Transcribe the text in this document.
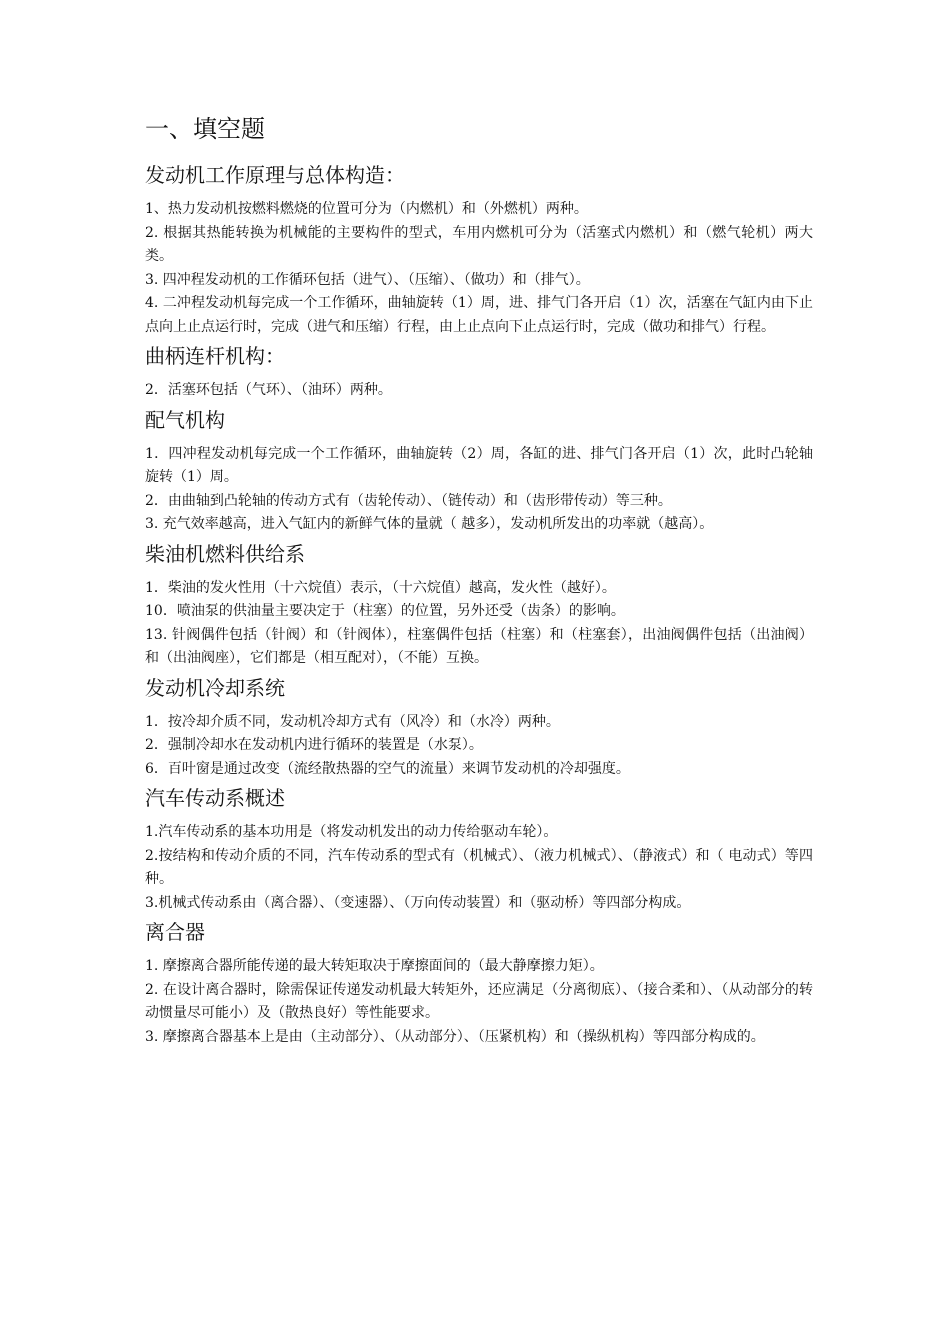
一、填空题
发动机工作原理与总体构造：

1、热力发动机按燃料燃烧的位置可分为（内燃机）和（外燃机）两种。

2. 根据其热能转换为机械能的主要构件的型式，车用内燃机可分为（活塞式内燃机）和（燃气轮机）两大类。

3. 四冲程发动机的工作循环包括（进气）、（压缩）、（做功）和（排气）。

4. 二冲程发动机每完成一个工作循环，曲轴旋转（1）周，进、排气门各开启（1）次，活塞在气缸内由下止点向上止点运行时，完成（进气和压缩）行程，由上止点向下止点运行时，完成（做功和排气）行程。

曲柄连杆机构：

2．活塞环包括（气环）、（油环）两种。

配气机构

1．四冲程发动机每完成一个工作循环，曲轴旋转（2）周，各缸的进、排气门各开启（1）次，此时凸轮轴旋转（1）周。

2．由曲轴到凸轮轴的传动方式有（齿轮传动）、（链传动）和（齿形带传动）等三种。

3. 充气效率越高，进入气缸内的新鲜气体的量就（ 越多），发动机所发出的功率就（越高）。

柴油机燃料供给系

1．柴油的发火性用（十六烷值）表示，（十六烷值）越高，发火性（越好）。

10．喷油泵的供油量主要决定于（柱塞）的位置，另外还受（齿条）的影响。

13. 针阀偶件包括（针阀）和（针阀体），柱塞偶件包括（柱塞）和（柱塞套），出油阀偶件包括（出油阀）和（出油阀座），它们都是（相互配对），（不能）互换。

发动机冷却系统

1．按冷却介质不同，发动机冷却方式有（风冷）和（水冷）两种。

2．强制冷却水在发动机内进行循环的装置是（水泵）。

6．百叶窗是通过改变（流经散热器的空气的流量）来调节发动机的冷却强度。

汽车传动系概述

1.汽车传动系的基本功用是（将发动机发出的动力传给驱动车轮）。

2.按结构和传动介质的不同，汽车传动系的型式有（机械式）、（液力机械式）、（静液式）和（ 电动式）等四种。

3.机械式传动系由（离合器）、（变速器）、（万向传动装置）和（驱动桥）等四部分构成。

离合器

1. 摩擦离合器所能传递的最大转矩取决于摩擦面间的（最大静摩擦力矩）。

2. 在设计离合器时，除需保证传递发动机最大转矩外，还应满足（分离彻底）、（接合柔和）、（从动部分的转动惯量尽可能小）及（散热良好）等性能要求。

3. 摩擦离合器基本上是由（主动部分）、（从动部分）、（压紧机构）和（操纵机构）等四部分构成的。
